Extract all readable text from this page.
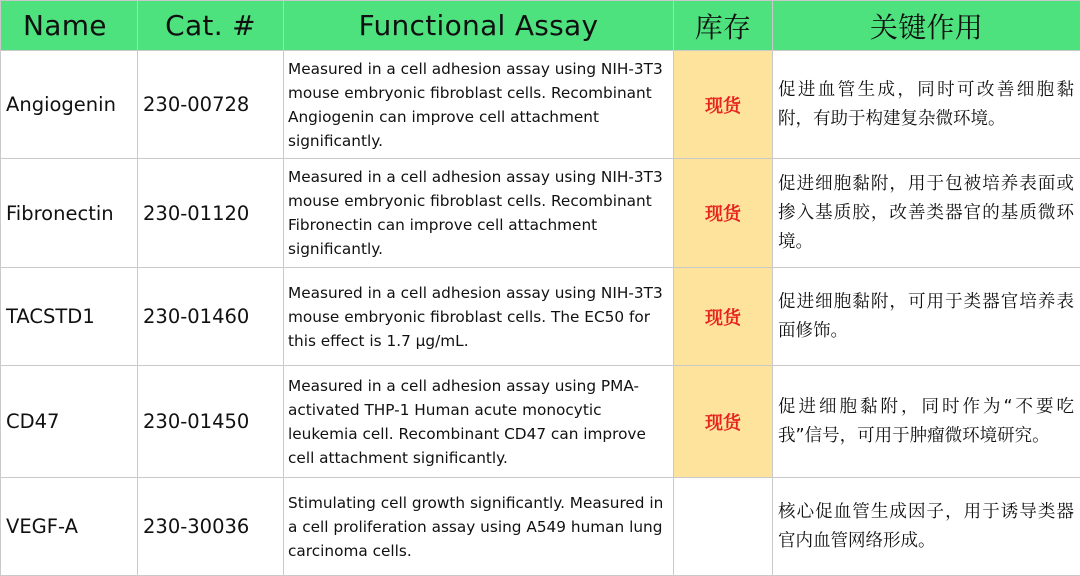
Name	Cat. #	Functional Assay	库存	关键作用
Angiogenin	230-00728	Measured in a cell adhesion assay using NIH-3T3 mouse embryonic fibroblast cells. Recombinant Angiogenin can improve cell attachment significantly.	现货	促进血管生成，同时可改善细胞黏附，有助于构建复杂微环境。
Fibronectin	230-01120	Measured in a cell adhesion assay using NIH-3T3 mouse embryonic fibroblast cells. Recombinant Fibronectin can improve cell attachment significantly.	现货	促进细胞黏附，用于包被培养表面或掺入基质胶，改善类器官的基质微环境。
TACSTD1	230-01460	Measured in a cell adhesion assay using NIH-3T3 mouse embryonic fibroblast cells. The EC50 for this effect is 1.7 μg/mL.	现货	促进细胞黏附，可用于类器官培养表面修饰。
CD47	230-01450	Measured in a cell adhesion assay using PMA-activated THP-1 Human acute monocytic leukemia cell. Recombinant CD47 can improve cell attachment significantly.	现货	促进细胞黏附，同时作为“不要吃我”信号，可用于肿瘤微环境研究。
VEGF-A	230-30036	Stimulating cell growth significantly. Measured in a cell proliferation assay using A549 human lung carcinoma cells.		核心促血管生成因子，用于诱导类器官内血管网络形成。
